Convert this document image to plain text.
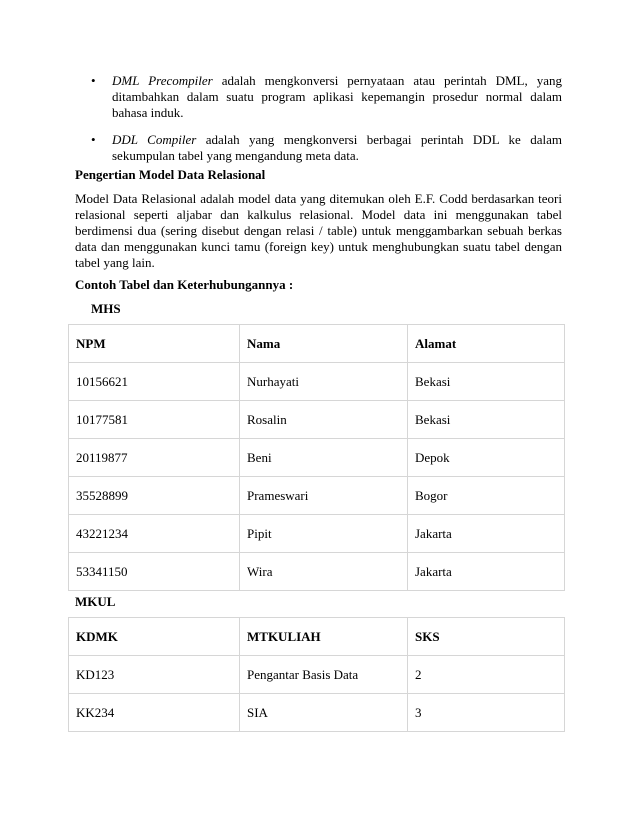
• DML Precompiler adalah mengkonversi pernyataan atau perintah DML, yang ditambahkan dalam suatu program aplikasi kepemangin prosedur normal dalam bahasa induk.
• DDL Compiler adalah yang mengkonversi berbagai perintah DDL ke dalam sekumpulan tabel yang mengandung meta data.
Pengertian Model Data Relasional
Model Data Relasional adalah model data yang ditemukan oleh E.F. Codd berdasarkan teori relasional seperti aljabar dan kalkulus relasional. Model data ini menggunakan tabel berdimensi dua (sering disebut dengan relasi / table) untuk menggambarkan sebuah berkas data dan menggunakan kunci tamu (foreign key) untuk menghubungkan suatu tabel dengan tabel yang lain.
Contoh Tabel dan Keterhubungannya :
MHS
NPM	Nama	Alamat
10156621	Nurhayati	Bekasi
10177581	Rosalin	Bekasi
20119877	Beni	Depok
35528899	Prameswari	Bogor
43221234	Pipit	Jakarta
53341150	Wira	Jakarta
MKUL
KDMK	MTKULIAH	SKS
KD123	Pengantar Basis Data	2
KK234	SIA	3
